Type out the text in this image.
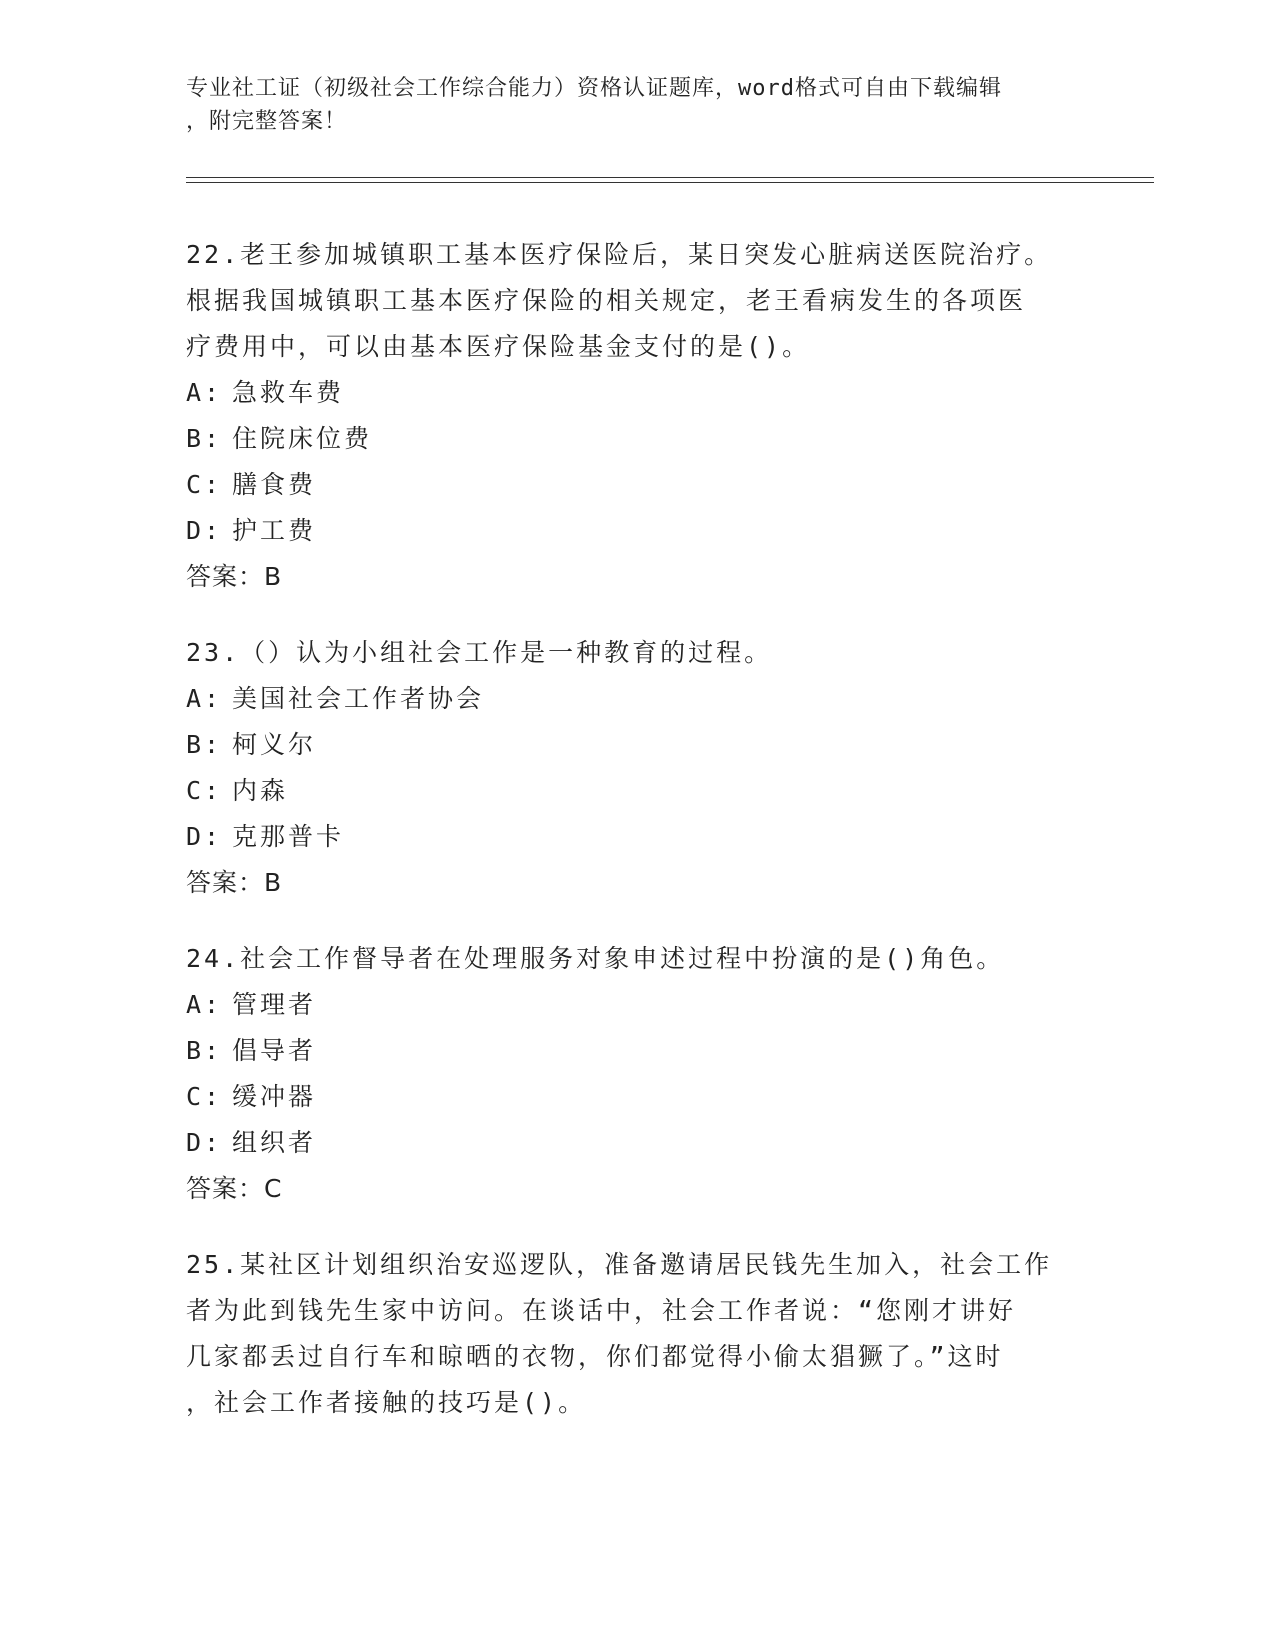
专业社工证（初级社会工作综合能力）资格认证题库，word格式可自由下载编辑
，附完整答案！
22.老王参加城镇职工基本医疗保险后，某日突发心脏病送医院治疗。
根据我国城镇职工基本医疗保险的相关规定，老王看病发生的各项医
疗费用中，可以由基本医疗保险基金支付的是()。
A: 急救车费
B: 住院床位费
C: 膳食费
D: 护工费
答案：B
23.（）认为小组社会工作是一种教育的过程。
A: 美国社会工作者协会
B: 柯义尔
C: 内森
D: 克那普卡
答案：B
24.社会工作督导者在处理服务对象申述过程中扮演的是()角色。
A: 管理者
B: 倡导者
C: 缓冲器
D: 组织者
答案：C
25.某社区计划组织治安巡逻队，准备邀请居民钱先生加入，社会工作
者为此到钱先生家中访问。在谈话中，社会工作者说：“您刚才讲好
几家都丢过自行车和晾晒的衣物，你们都觉得小偷太猖獗了。”这时
，社会工作者接触的技巧是()。
